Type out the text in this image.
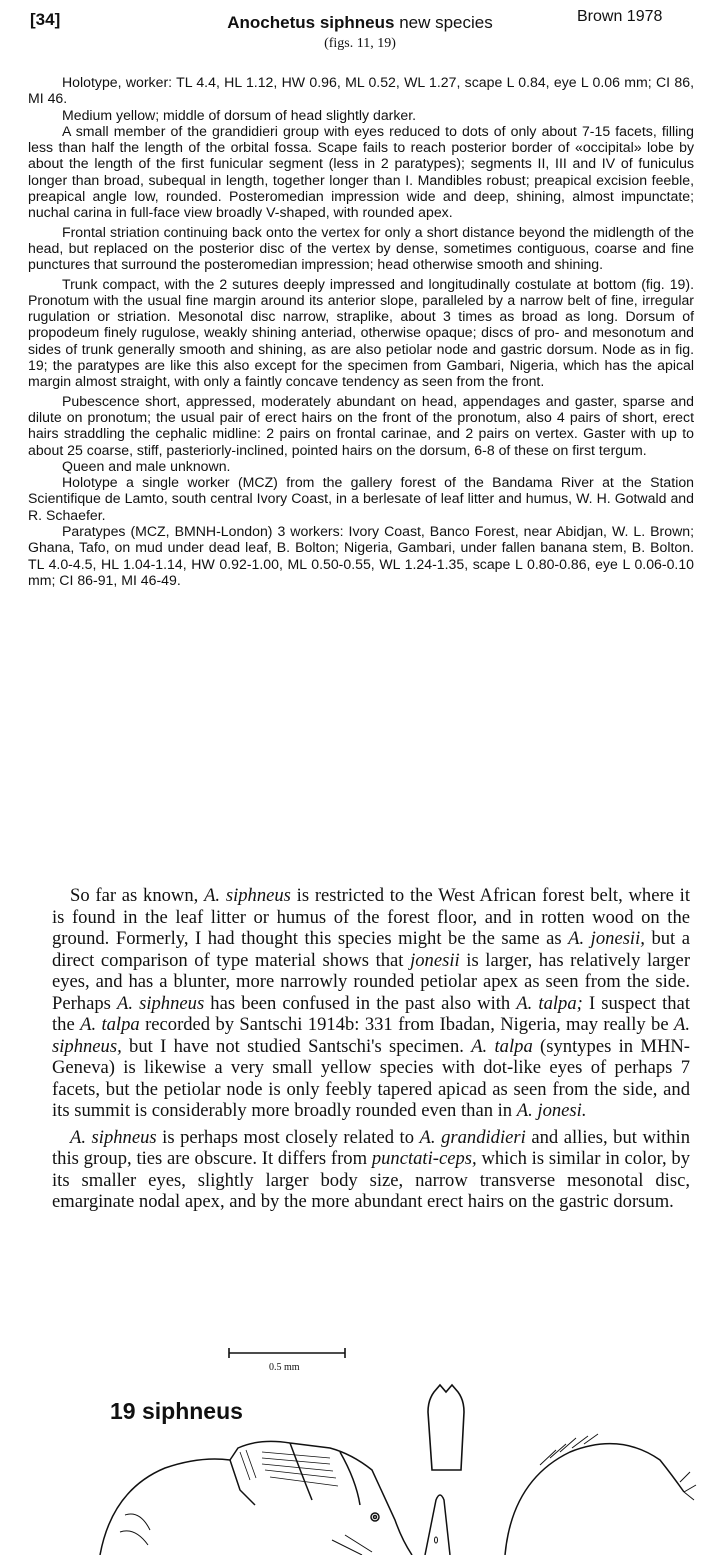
[34]	Brown 1978
Anochetus siphneus new species
(figs. 11, 19)

Holotype, worker: TL 4.4, HL 1.12, HW 0.96, ML 0.52, WL 1.27, scape L 0.84, eye L 0.06 mm; CI 86, MI 46.

Medium yellow; middle of dorsum of head slightly darker.

A small member of the grandidieri group with eyes reduced to dots of only about 7-15 facets, filling less than half the length of the orbital fossa. Scape fails to reach posterior border of «occipital» lobe by about the length of the first funicular segment (less in 2 paratypes); segments II, III and IV of funiculus longer than broad, subequal in length, together longer than I. Mandibles robust; preapical excision feeble, preapical angle low, rounded. Posteromedian impression wide and deep, shining, almost impunctate; nuchal carina in full-face view broadly V-shaped, with rounded apex.

Frontal striation continuing back onto the vertex for only a short distance beyond the midlength of the head, but replaced on the posterior disc of the vertex by dense, sometimes contiguous, coarse and fine punctures that surround the posteromedian impression; head otherwise smooth and shining.

Trunk compact, with the 2 sutures deeply impressed and longitudinally costulate at bottom (fig. 19). Pronotum with the usual fine margin around its anterior slope, paralleled by a narrow belt of fine, irregular rugulation or striation. Mesonotal disc narrow, straplike, about 3 times as broad as long. Dorsum of propodeum finely rugulose, weakly shining anteriad, otherwise opaque; discs of pro- and mesonotum and sides of trunk generally smooth and shining, as are also petiolar node and gastric dorsum. Node as in fig. 19; the paratypes are like this also except for the specimen from Gambari, Nigeria, which has the apical margin almost straight, with only a faintly concave tendency as seen from the front.

Pubescence short, appressed, moderately abundant on head, appendages and gaster, sparse and dilute on pronotum; the usual pair of erect hairs on the front of the pronotum, also 4 pairs of short, erect hairs straddling the cephalic midline: 2 pairs on frontal carinae, and 2 pairs on vertex. Gaster with up to about 25 coarse, stiff, pasteriorly-inclined, pointed hairs on the dorsum, 6-8 of these on first tergum.

Queen and male unknown.

Holotype a single worker (MCZ) from the gallery forest of the Bandama River at the Station Scientifique de Lamto, south central Ivory Coast, in a berlesate of leaf litter and humus, W. H. Gotwald and R. Schaefer.

Paratypes (MCZ, BMNH-London) 3 workers: Ivory Coast, Banco Forest, near Abidjan, W. L. Brown; Ghana, Tafo, on mud under dead leaf, B. Bolton; Nigeria, Gambari, under fallen banana stem, B. Bolton. TL 4.0-4.5, HL 1.04-1.14, HW 0.92-1.00, ML 0.50-0.55, WL 1.24-1.35, scape L 0.80-0.86, eye L 0.06-0.10 mm; CI 86-91, MI 46-49.

So far as known, A. siphneus is restricted to the West African forest belt, where it is found in the leaf litter or humus of the forest floor, and in rotten wood on the ground. Formerly, I had thought this species might be the same as A. jonesii, but a direct comparison of type material shows that jonesii is larger, has relatively larger eyes, and has a blunter, more narrowly rounded petiolar apex as seen from the side. Perhaps A. siphneus has been confused in the past also with A. talpa; I suspect that the A. talpa recorded by Santschi 1914b: 331 from Ibadan, Nigeria, may really be A. siphneus, but I have not studied Santschi's specimen. A. talpa (syntypes in MHN-Geneva) is likewise a very small yellow species with dot-like eyes of perhaps 7 facets, but the petiolar node is only feebly tapered apicad as seen from the side, and its summit is considerably more broadly rounded even than in A. jonesi.

A. siphneus is perhaps most closely related to A. grandidieri and allies, but within this group, ties are obscure. It differs from punctati-ceps, which is similar in color, by its smaller eyes, slightly larger body size, narrow transverse mesonotal disc, emarginate nodal apex, and by the more abundant erect hairs on the gastric dorsum.

0.5 mm
19 siphneus
